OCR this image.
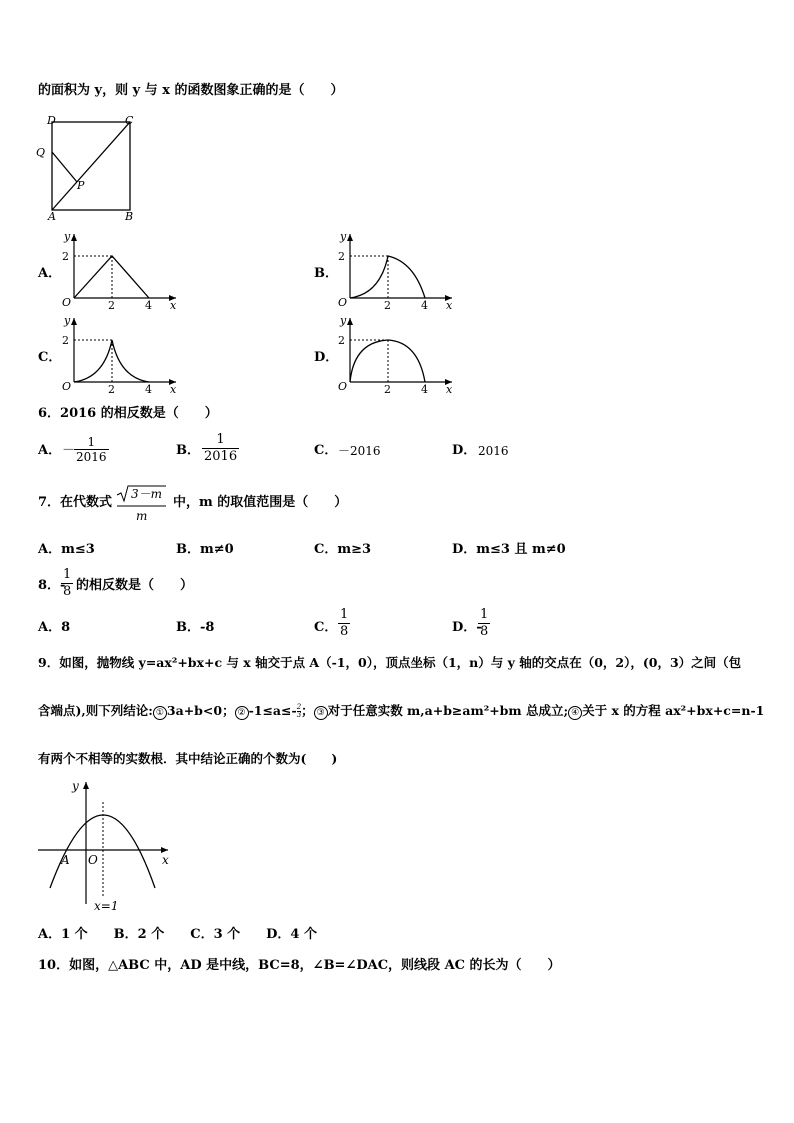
的面积为 y，则 y 与 x 的函数图象正确的是（　　）
D	C
Q
P
A	B
A．
2
2	4
O
y
x
B．
2
2	4
O
y
x
C．
2
2	4
O
y
x
D．
2
2	4
O
y
x
6．2016 的相反数是（　　）
A． －
1
2016	B．
1
2016	C． －2016	D． 2016
7．在代数式
3－m
m
中，m 的取值范围是（　　）
A．m≤3	B．m≠0	C．m≥3	D．m≤3 且 m≠0
8．-
1
8 的相反数是（　　）
A．8	B．-8	C．
1
8	D．-
1
8
9．如图，抛物线 y=ax²+bx+c 与 x 轴交于点 A（-1，0），顶点坐标（1，n）与 y 轴的交点在（0，2），(0，3）之间（包
含端点),则下列结论: ① 3a+b<0； ② $-1\le a\le- \frac{2}{3}$ ； ③ 对于任意实数 m,a+b≥am²+bm 总成立; ④ 关于 x 的方程 ax²+bx+c=n-1
有两个不相等的实数根．其中结论正确的个数为(　　)
y
x
A O
x=1
A．1 个　　B．2 个　　C．3 个　　D．4 个
10．如图，△ABC 中，AD 是中线，BC=8，∠B=∠DAC，则线段 AC 的长为（　　）
